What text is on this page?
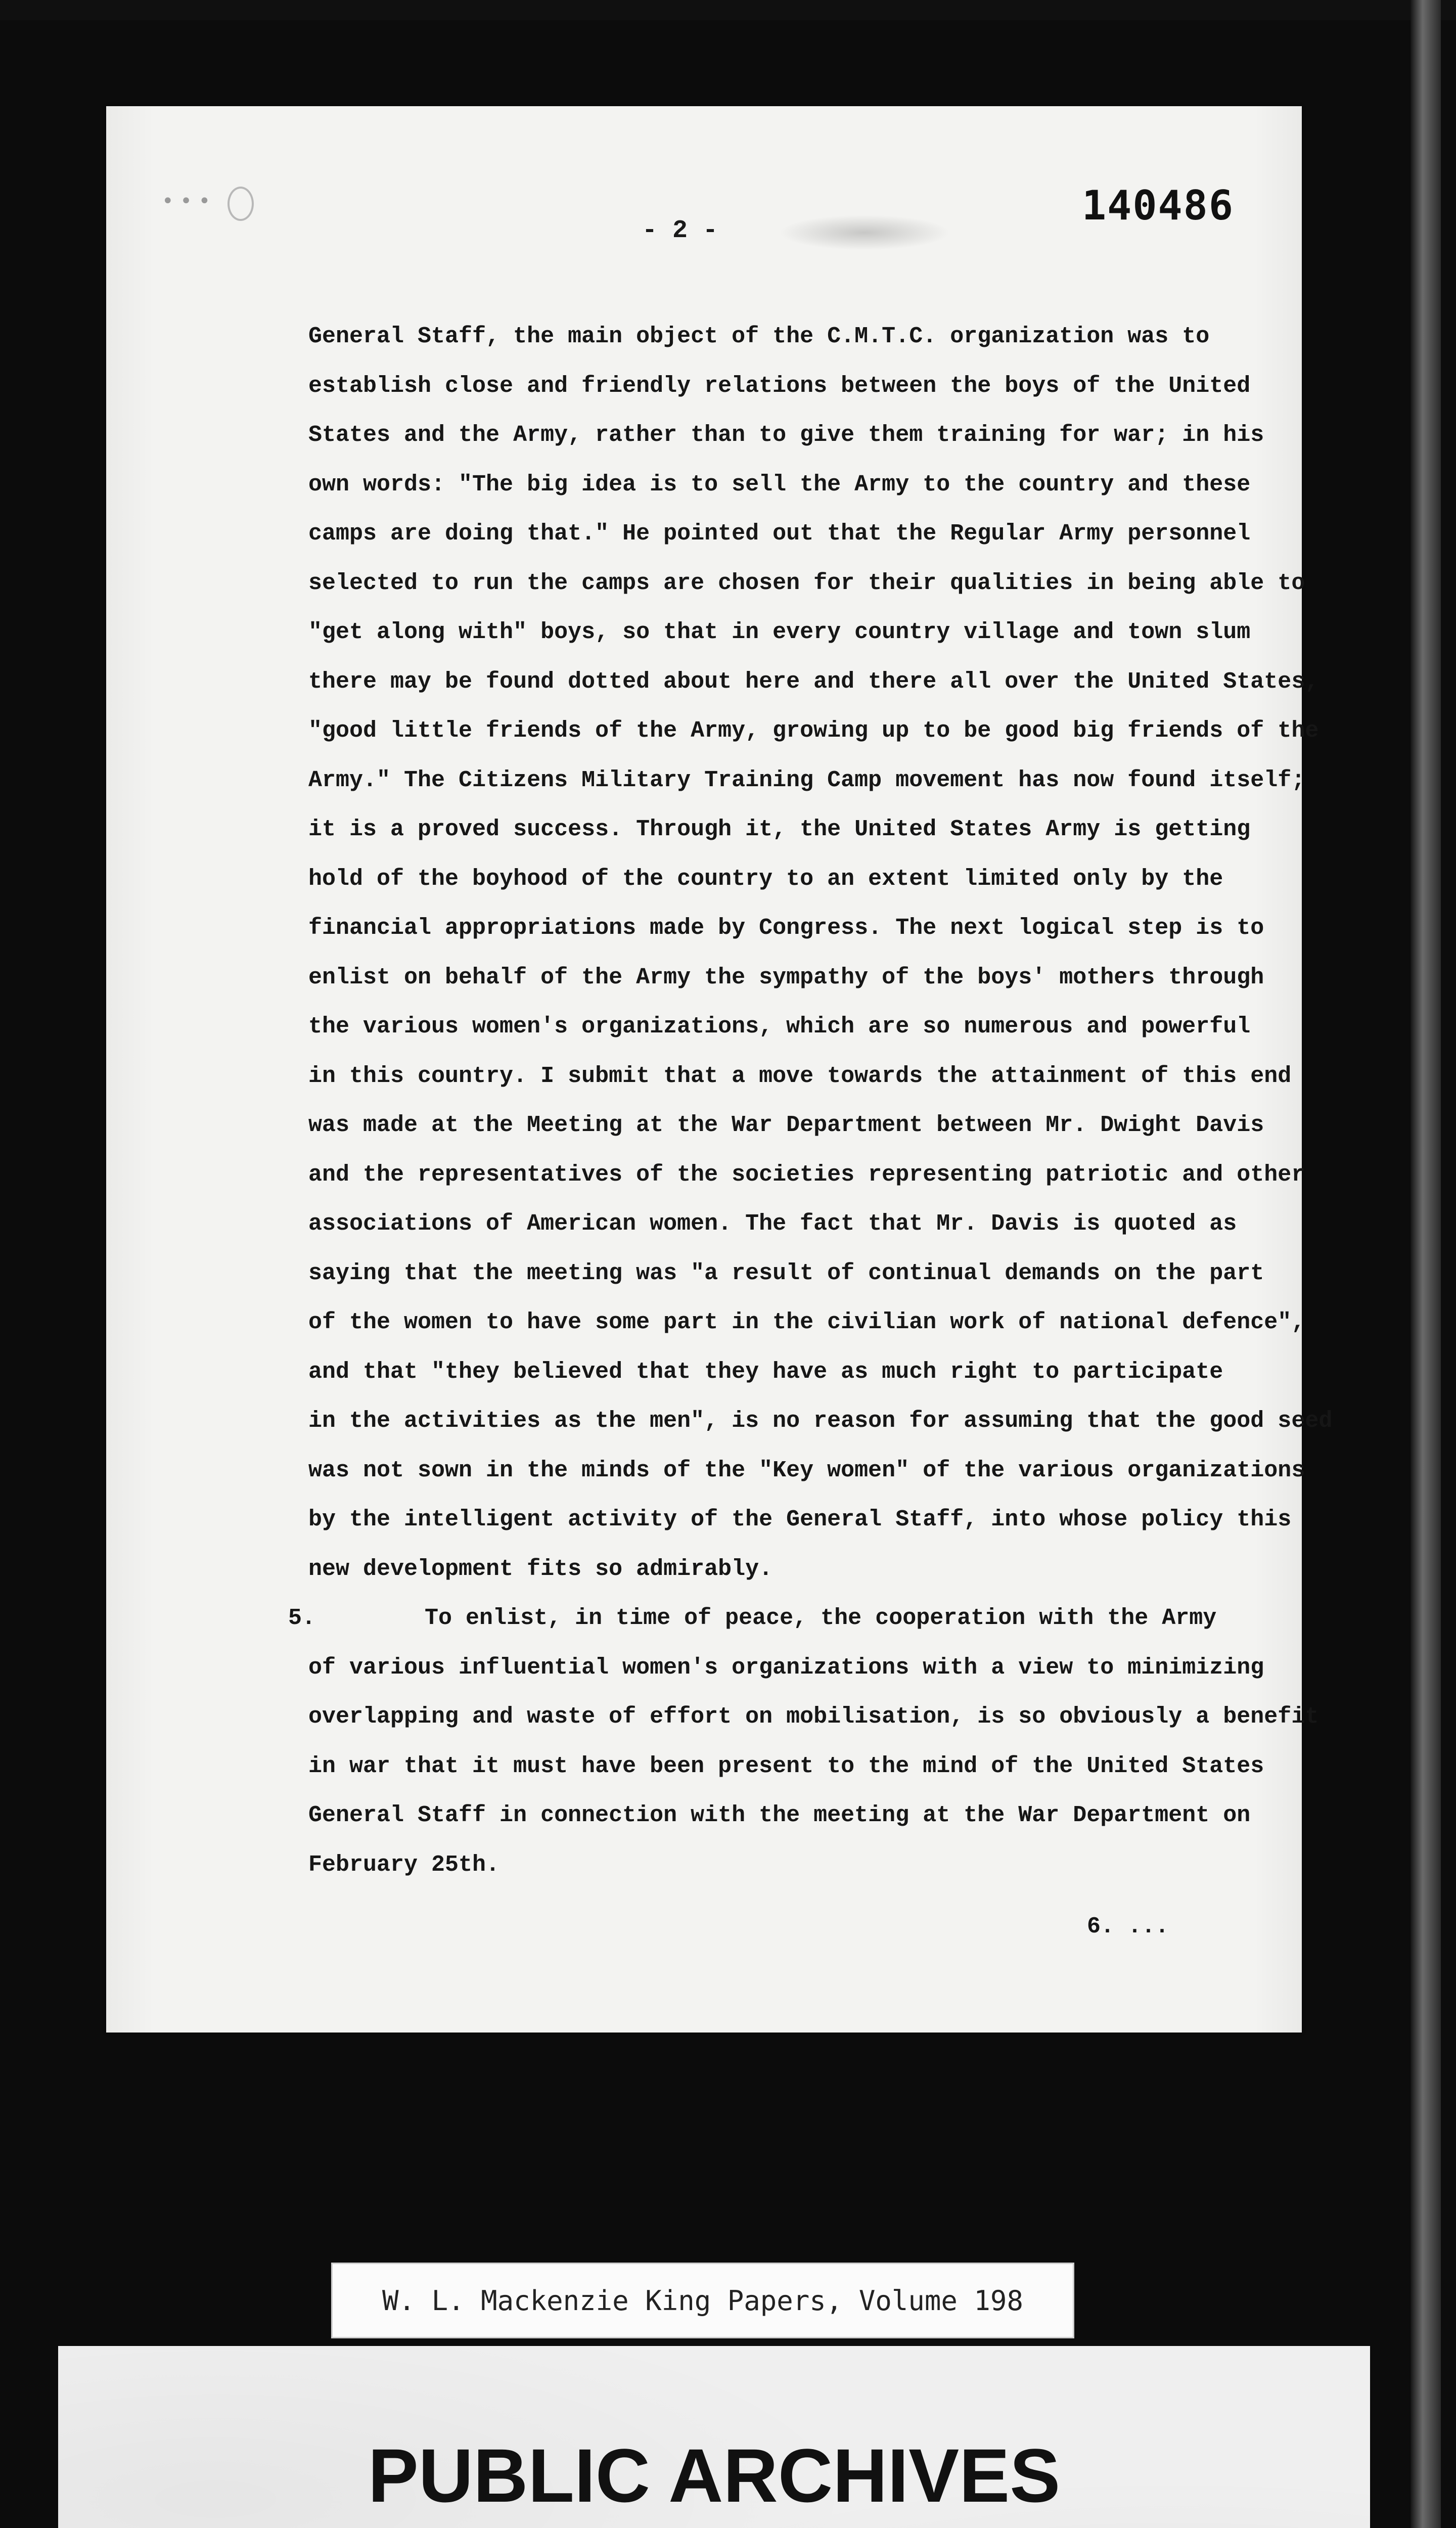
• • •	140486
- 2 -
General Staff, the main object of the C.M.T.C. organization was to
establish close and friendly relations between the boys of the United
States and the Army, rather than to give them training for war; in his
own words: "The big idea is to sell the Army to the country and these
camps are doing that." He pointed out that the Regular Army personnel
selected to run the camps are chosen for their qualities in being able to
"get along with" boys, so that in every country village and town slum
there may be found dotted about here and there all over the United States,
"good little friends of the Army, growing up to be good big friends of the
Army." The Citizens Military Training Camp movement has now found itself;
it is a proved success. Through it, the United States Army is getting
hold of the boyhood of the country to an extent limited only by the
financial appropriations made by Congress. The next logical step is to
enlist on behalf of the Army the sympathy of the boys' mothers through
the various women's organizations, which are so numerous and powerful
in this country. I submit that a move towards the attainment of this end
was made at the Meeting at the War Department between Mr. Dwight Davis
and the representatives of the societies representing patriotic and other
associations of American women. The fact that Mr. Davis is quoted as
saying that the meeting was "a result of continual demands on the part
of the women to have some part in the civilian work of national defence",
and that "they believed that they have as much right to participate
in the activities as the men", is no reason for assuming that the good seed
was not sown in the minds of the "Key women" of the various organizations
by the intelligent activity of the General Staff, into whose policy this
new development fits so admirably.
5.        To enlist, in time of peace, the cooperation with the Army
of various influential women's organizations with a view to minimizing
overlapping and waste of effort on mobilisation, is so obviously a benefit
in war that it must have been present to the mind of the United States
General Staff in connection with the meeting at the War Department on
February 25th.
6. ...
W. L. Mackenzie King Papers, Volume 198
PUBLIC ARCHIVES
